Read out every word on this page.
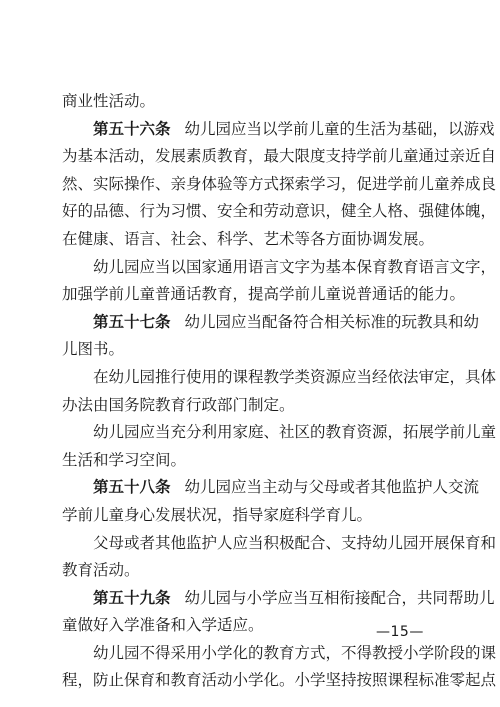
商业性活动。
第五十六条 幼儿园应当以学前儿童的生活为基础，以游戏
为基本活动，发展素质教育，最大限度支持学前儿童通过亲近自
然、实际操作、亲身体验等方式探索学习，促进学前儿童养成良
好的品德、行为习惯、安全和劳动意识，健全人格、强健体魄，
在健康、语言、社会、科学、艺术等各方面协调发展。
幼儿园应当以国家通用语言文字为基本保育教育语言文字，
加强学前儿童普通话教育，提高学前儿童说普通话的能力。
第五十七条 幼儿园应当配备符合相关标准的玩教具和幼
儿图书。
在幼儿园推行使用的课程教学类资源应当经依法审定，具体
办法由国务院教育行政部门制定。
幼儿园应当充分利用家庭、社区的教育资源，拓展学前儿童
生活和学习空间。
第五十八条 幼儿园应当主动与父母或者其他监护人交流
学前儿童身心发展状况，指导家庭科学育儿。
父母或者其他监护人应当积极配合、支持幼儿园开展保育和
教育活动。
第五十九条 幼儿园与小学应当互相衔接配合，共同帮助儿
童做好入学准备和入学适应。
幼儿园不得采用小学化的教育方式，不得教授小学阶段的课
程，防止保育和教育活动小学化。小学坚持按照课程标准零起点
—15—
